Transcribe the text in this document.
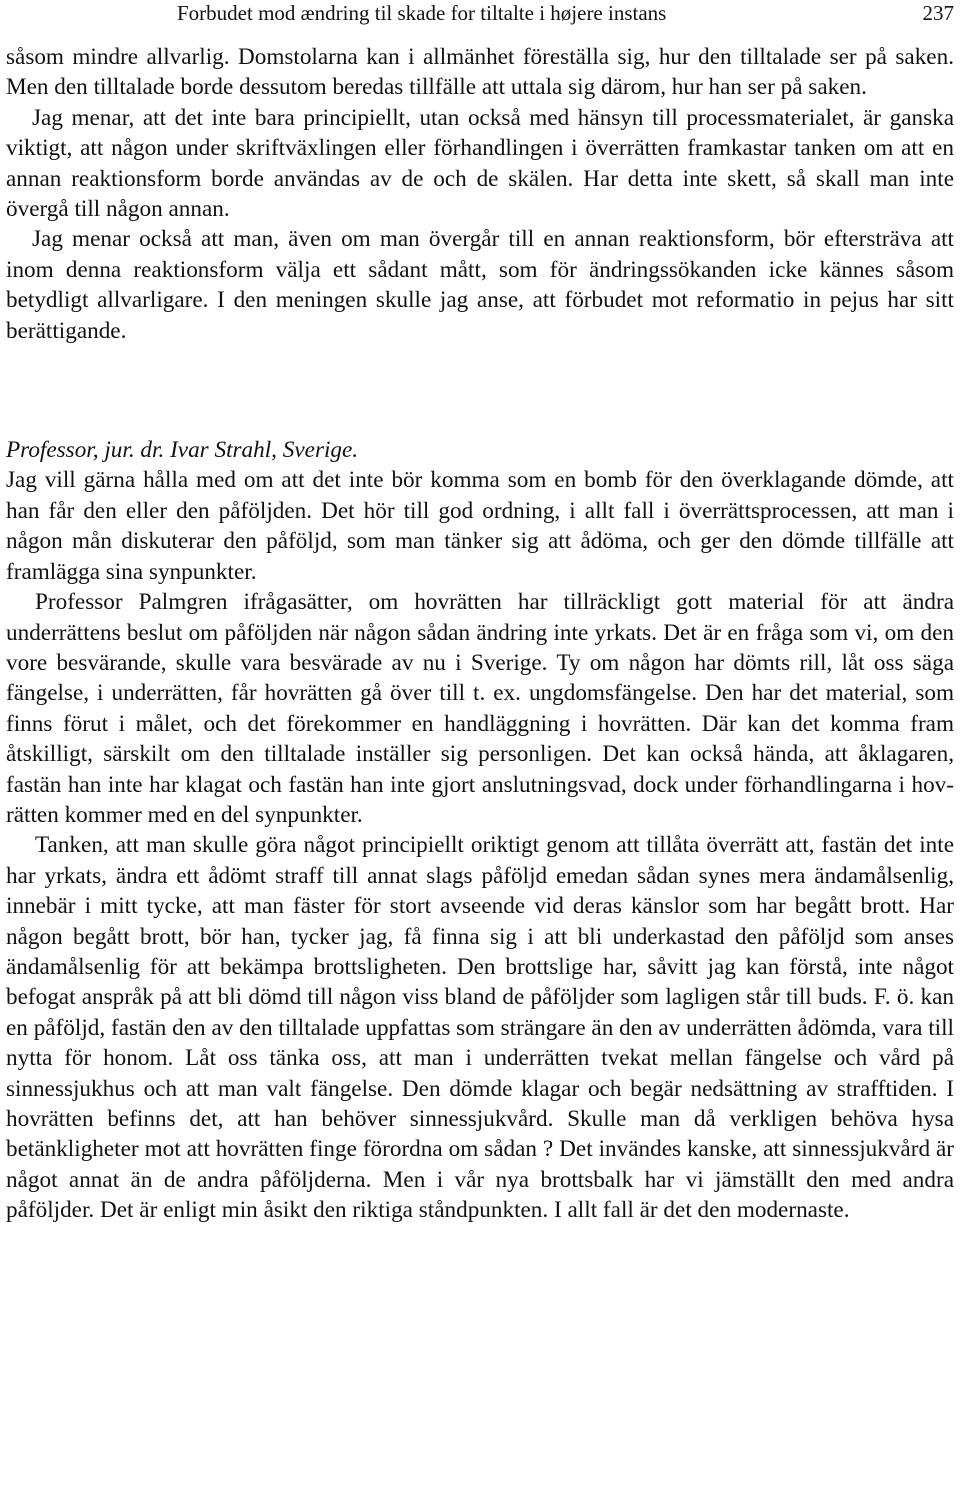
Forbudet mod ændring til skade for tiltalte i højere instans	237

såsom mindre allvarlig. Domstolarna kan i allmänhet föreställa sig, hur den tilltalade ser på saken. Men den tilltalade borde dessutom beredas tillfälle att uttala sig därom, hur han ser på saken.

Jag menar, att det inte bara principiellt, utan också med hänsyn till processmaterialet, är ganska viktigt, att någon under skriftväxlingen eller förhandlingen i överrätten framkastar tanken om att en annan reaktionsform borde användas av de och de skälen. Har detta inte skett, så skall man inte övergå till någon annan.

Jag menar också att man, även om man övergår till en annan reaktionsform, bör eftersträva att inom denna reaktionsform välja ett sådant mått, som för ändringssökanden icke kännes såsom betydligt allvarligare. I den meningen skulle jag anse, att förbudet mot reformatio in pejus har sitt berättigande.

Professor, jur. dr. Ivar Strahl, Sverige.

Jag vill gärna hålla med om att det inte bör komma som en bomb för den överklagande dömde, att han får den eller den påföljden. Det hör till god ordning, i allt fall i överrättsprocessen, att man i någon mån diskuterar den påföljd, som man tänker sig att ådöma, och ger den dömde tillfälle att framlägga sina synpunkter.

Professor Palmgren ifrågasätter, om hovrätten har tillräckligt gott material för att ändra underrättens beslut om påföljden när någon sådan ändring inte yrkats. Det är en fråga som vi, om den vore besvärande, skulle vara besvärade av nu i Sverige. Ty om någon har dömts rill, låt oss säga fängelse, i underrätten, får hovrätten gå över till t. ex. ungdomsfängelse. Den har det material, som finns förut i målet, och det förekommer en handläggning i hovrätten. Där kan det komma fram åtskilligt, särskilt om den tilltalade inställer sig personligen. Det kan också hända, att åklagaren, fastän han inte har klagat och fastän han inte gjort anslutningsvad, dock under förhandlingarna i hovrätten kommer med en del synpunkter.

Tanken, att man skulle göra något principiellt oriktigt genom att tillåta överrätt att, fastän det inte har yrkats, ändra ett ådömt straff till annat slags påföljd emedan sådan synes mera ändamålsenlig, innebär i mitt tycke, att man fäster för stort avseende vid deras känslor som har begått brott. Har någon begått brott, bör han, tycker jag, få finna sig i att bli underkastad den påföljd som anses ändamålsenlig för att bekämpa brottsligheten. Den brottslige har, såvitt jag kan förstå, inte något befogat anspråk på att bli dömd till någon viss bland de påföljder som lagligen står till buds. F. ö. kan en påföljd, fastän den av den tilltalade uppfattas som strängare än den av underrätten ådömda, vara till nytta för honom. Låt oss tänka oss, att man i underrätten tvekat mellan fängelse och vård på sinnessjukhus och att man valt fängelse. Den dömde klagar och begär nedsättning av strafftiden. I hovrätten befinns det, att han behöver sinnessjukvård. Skulle man då verkligen behöva hysa betänkligheter mot att hovrätten finge förordna om sådan ? Det invändes kanske, att sinnessjukvård är något annat än de andra påföljderna. Men i vår nya brottsbalk har vi jämställt den med andra påföljder. Det är enligt min åsikt den riktiga ståndpunkten. I allt fall är det den modernaste.
